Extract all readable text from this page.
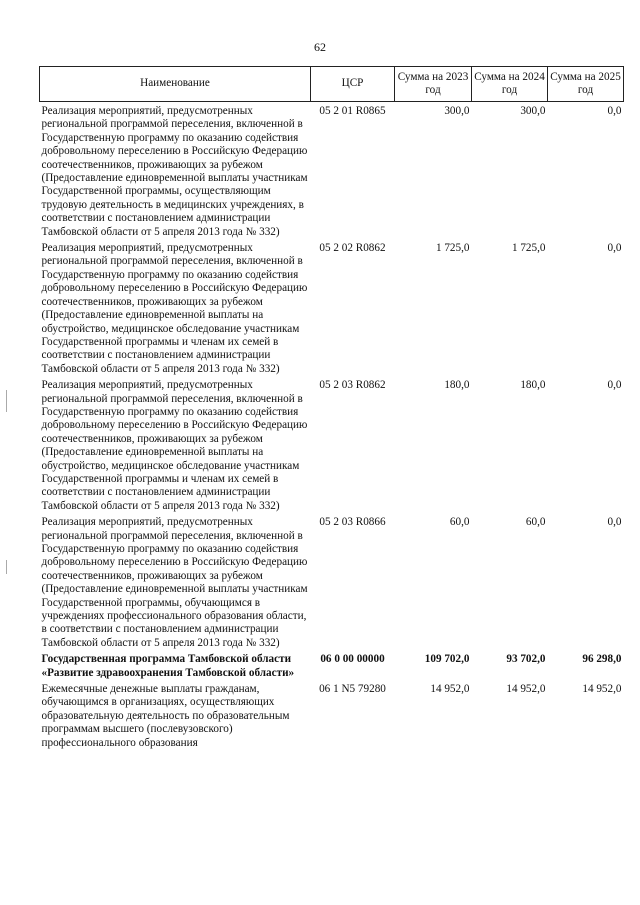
62
Наименование	ЦСР	Сумма на 2023 год	Сумма на 2024 год	Сумма на 2025 год
Реализация мероприятий, предусмотренных региональной программой переселения, включенной в Государственную программу по оказанию содействия добровольному переселению в Российскую Федерацию соотечественников, проживающих за рубежом (Предоставление единовременной выплаты участникам Государственной программы, осуществляющим трудовую деятельность в медицинских учреждениях, в соответствии с постановлением администрации Тамбовской области от 5 апреля 2013 года № 332)	05 2 01 R0865	300,0	300,0	0,0
Реализация мероприятий, предусмотренных региональной программой переселения, включенной в Государственную программу по оказанию содействия добровольному переселению в Российскую Федерацию соотечественников, проживающих за рубежом (Предоставление единовременной выплаты на обустройство, медицинское обследование участникам Государственной программы и членам их семей в соответствии с постановлением администрации Тамбовской области от 5 апреля 2013 года № 332)	05 2 02 R0862	1 725,0	1 725,0	0,0
Реализация мероприятий, предусмотренных региональной программой переселения, включенной в Государственную программу по оказанию содействия добровольному переселению в Российскую Федерацию соотечественников, проживающих за рубежом (Предоставление единовременной выплаты на обустройство, медицинское обследование участникам Государственной программы и членам их семей в соответствии с постановлением администрации Тамбовской области от 5 апреля 2013 года № 332)	05 2 03 R0862	180,0	180,0	0,0
Реализация мероприятий, предусмотренных региональной программой переселения, включенной в Государственную программу по оказанию содействия добровольному переселению в Российскую Федерацию соотечественников, проживающих за рубежом (Предоставление единовременной выплаты участникам Государственной программы, обучающимся в учреждениях профессионального образования области, в соответствии с постановлением администрации Тамбовской области от 5 апреля 2013 года № 332)	05 2 03 R0866	60,0	60,0	0,0
Государственная программа Тамбовской области «Развитие здравоохранения Тамбовской области»	06 0 00 00000	109 702,0	93 702,0	96 298,0
Ежемесячные денежные выплаты гражданам, обучающимся в организациях, осуществляющих образовательную деятельность по образовательным программам высшего (послевузовского) профессионального образования	06 1 N5 79280	14 952,0	14 952,0	14 952,0
